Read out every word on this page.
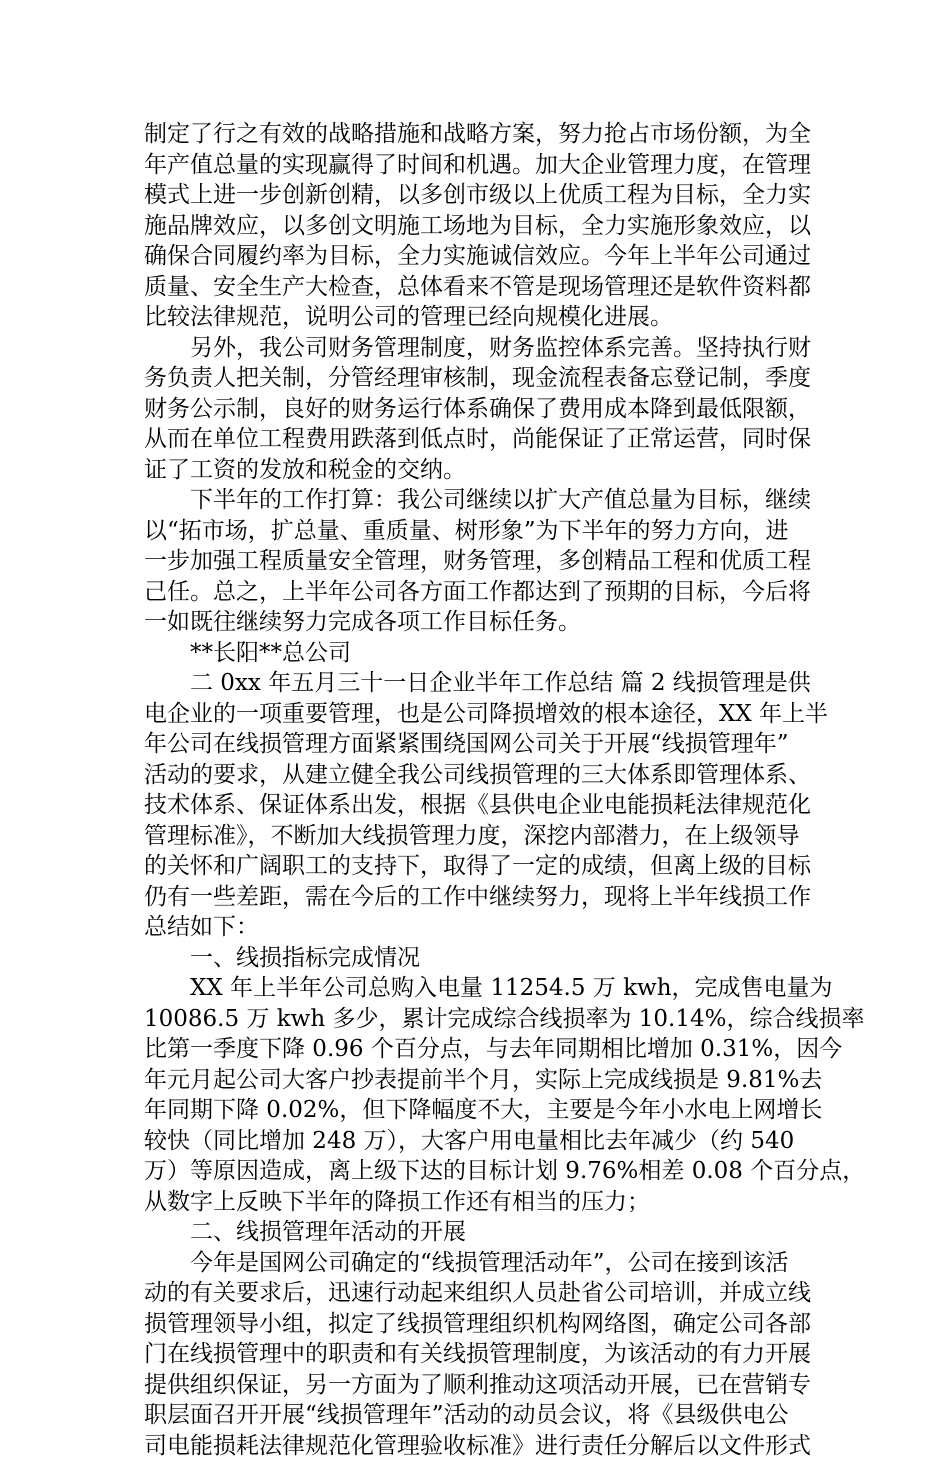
制定了行之有效的战略措施和战略方案，努力抢占市场份额，为全
年产值总量的实现赢得了时间和机遇。加大企业管理力度，在管理
模式上进一步创新创精，以多创市级以上优质工程为目标，全力实
施品牌效应，以多创文明施工场地为目标，全力实施形象效应，以
确保合同履约率为目标，全力实施诚信效应。今年上半年公司通过
质量、安全生产大检查，总体看来不管是现场管理还是软件资料都
比较法律规范，说明公司的管理已经向规模化进展。
　　另外，我公司财务管理制度，财务监控体系完善。坚持执行财
务负责人把关制，分管经理审核制，现金流程表备忘登记制，季度
财务公示制，良好的财务运行体系确保了费用成本降到最低限额，
从而在单位工程费用跌落到低点时，尚能保证了正常运营，同时保
证了工资的发放和税金的交纳。
　　下半年的工作打算：我公司继续以扩大产值总量为目标，继续
以“拓市场，扩总量、重质量、树形象”为下半年的努力方向，进
一步加强工程质量安全管理，财务管理，多创精品工程和优质工程
己任。总之，上半年公司各方面工作都达到了预期的目标，今后将
一如既往继续努力完成各项工作目标任务。
　　**长阳**总公司
　　二 0xx 年五月三十一日企业半年工作总结 篇 2 线损管理是供
电企业的一项重要管理，也是公司降损增效的根本途径，XX 年上半
年公司在线损管理方面紧紧围绕国网公司关于开展“线损管理年”
活动的要求，从建立健全我公司线损管理的三大体系即管理体系、
技术体系、保证体系出发，根据《县供电企业电能损耗法律规范化
管理标准》，不断加大线损管理力度，深挖内部潜力，在上级领导
的关怀和广阔职工的支持下，取得了一定的成绩，但离上级的目标
仍有一些差距，需在今后的工作中继续努力，现将上半年线损工作
总结如下：
　　一、线损指标完成情况
　　XX 年上半年公司总购入电量 11254.5 万 kwh，完成售电量为
10086.5 万 kwh 多少，累计完成综合线损率为 10.14%，综合线损率
比第一季度下降 0.96 个百分点，与去年同期相比增加 0.31%，因今
年元月起公司大客户抄表提前半个月，实际上完成线损是 9.81%去
年同期下降 0.02%，但下降幅度不大，主要是今年小水电上网增长
较快（同比增加 248 万），大客户用电量相比去年减少（约 540
万）等原因造成，离上级下达的目标计划 9.76%相差 0.08 个百分点，
从数字上反映下半年的降损工作还有相当的压力；
　　二、线损管理年活动的开展
　　今年是国网公司确定的“线损管理活动年”，公司在接到该活
动的有关要求后，迅速行动起来组织人员赴省公司培训，并成立线
损管理领导小组，拟定了线损管理组织机构网络图，确定公司各部
门在线损管理中的职责和有关线损管理制度，为该活动的有力开展
提供组织保证，另一方面为了顺利推动这项活动开展，已在营销专
职层面召开开展“线损管理年”活动的动员会议，将《县级供电公
司电能损耗法律规范化管理验收标准》进行责任分解后以文件形式
